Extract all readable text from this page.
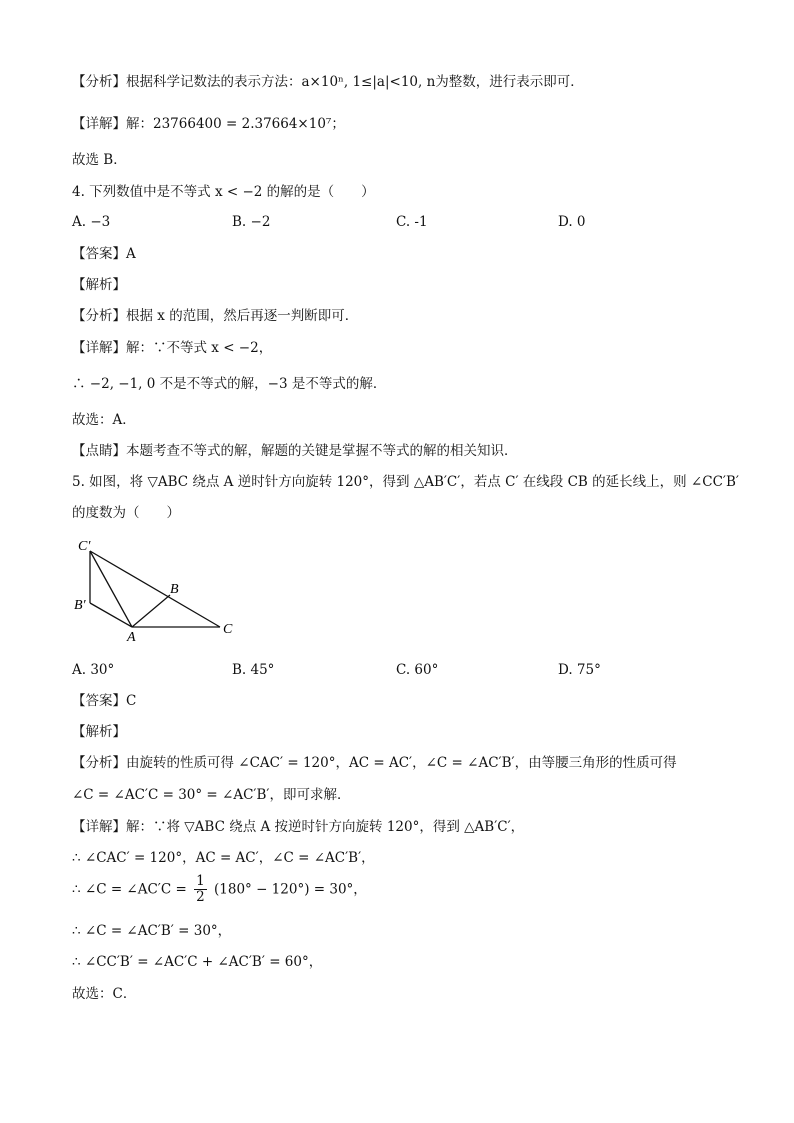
【分析】根据科学记数法的表示方法：a×10ⁿ, 1≤|a|<10, n为整数，进行表示即可．
【详解】解：23766400 = 2.37664×10⁷；
故选 B．
4. 下列数值中是不等式 x < −2 的解的是（　　）
A. −3	B. −2	C. -1	D. 0
【答案】A
【解析】
【分析】根据 x 的范围，然后再逐一判断即可．
【详解】解：∵不等式 x < −2，
∴ −2, −1, 0 不是不等式的解，−3 是不等式的解．
故选：A．
【点睛】本题考查不等式的解，解题的关键是掌握不等式的解的相关知识．
5. 如图，将 ▽ABC 绕点 A 逆时针方向旋转 120°，得到 △AB′C′，若点 C′ 在线段 CB 的延长线上，则 ∠CC′B′
的度数为（　　）
C′
B′
B
A
C
A. 30°	B. 45°	C. 60°	D. 75°
【答案】C
【解析】
【分析】由旋转的性质可得 ∠CAC′ = 120°，AC = AC′，∠C = ∠AC′B′，由等腰三角形的性质可得
∠C = ∠AC′C = 30° = ∠AC′B′，即可求解．
【详解】解：∵将 ▽ABC 绕点 A 按逆时针方向旋转 120°，得到 △AB′C′，
∴ ∠CAC′ = 120°，AC = AC′，∠C = ∠AC′B′，
∴ ∠C = ∠AC′C = $\frac{1}{2} (180^\circ - 120^\circ) = 30^\circ$，
∴ ∠C = ∠AC′B′ = 30°，
∴ ∠CC′B′ = ∠AC′C + ∠AC′B′ = 60°，
故选：C．
